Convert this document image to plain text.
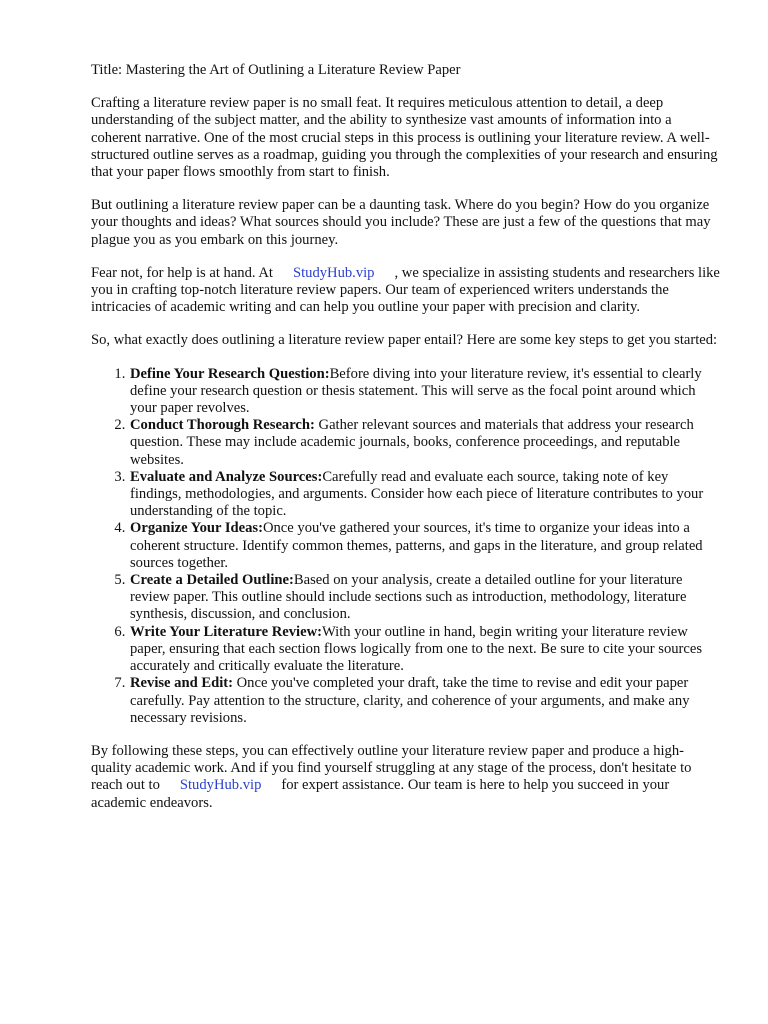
Title: Mastering the Art of Outlining a Literature Review Paper

Crafting a literature review paper is no small feat. It requires meticulous attention to detail, a deep understanding of the subject matter, and the ability to synthesize vast amounts of information into a coherent narrative. One of the most crucial steps in this process is outlining your literature review. A well-structured outline serves as a roadmap, guiding you through the complexities of your research and ensuring that your paper flows smoothly from start to finish.

But outlining a literature review paper can be a daunting task. Where do you begin? How do you organize your thoughts and ideas? What sources should you include? These are just a few of the questions that may plague you as you embark on this journey.

Fear not, for help is at hand. At StudyHub.vip , we specialize in assisting students and researchers like you in crafting top-notch literature review papers. Our team of experienced writers understands the intricacies of academic writing and can help you outline your paper with precision and clarity.

So, what exactly does outlining a literature review paper entail? Here are some key steps to get you started:

1. Define Your Research Question:Before diving into your literature review, it's essential to clearly define your research question or thesis statement. This will serve as the focal point around which your paper revolves.
2. Conduct Thorough Research: Gather relevant sources and materials that address your research question. These may include academic journals, books, conference proceedings, and reputable websites.
3. Evaluate and Analyze Sources:Carefully read and evaluate each source, taking note of key findings, methodologies, and arguments. Consider how each piece of literature contributes to your understanding of the topic.
4. Organize Your Ideas:Once you've gathered your sources, it's time to organize your ideas into a coherent structure. Identify common themes, patterns, and gaps in the literature, and group related sources together.
5. Create a Detailed Outline:Based on your analysis, create a detailed outline for your literature review paper. This outline should include sections such as introduction, methodology, literature synthesis, discussion, and conclusion.
6. Write Your Literature Review:With your outline in hand, begin writing your literature review paper, ensuring that each section flows logically from one to the next. Be sure to cite your sources accurately and critically evaluate the literature.
7. Revise and Edit: Once you've completed your draft, take the time to revise and edit your paper carefully. Pay attention to the structure, clarity, and coherence of your arguments, and make any necessary revisions.

By following these steps, you can effectively outline your literature review paper and produce a high-quality academic work. And if you find yourself struggling at any stage of the process, don't hesitate to reach out to StudyHub.vip for expert assistance. Our team is here to help you succeed in your academic endeavors.
